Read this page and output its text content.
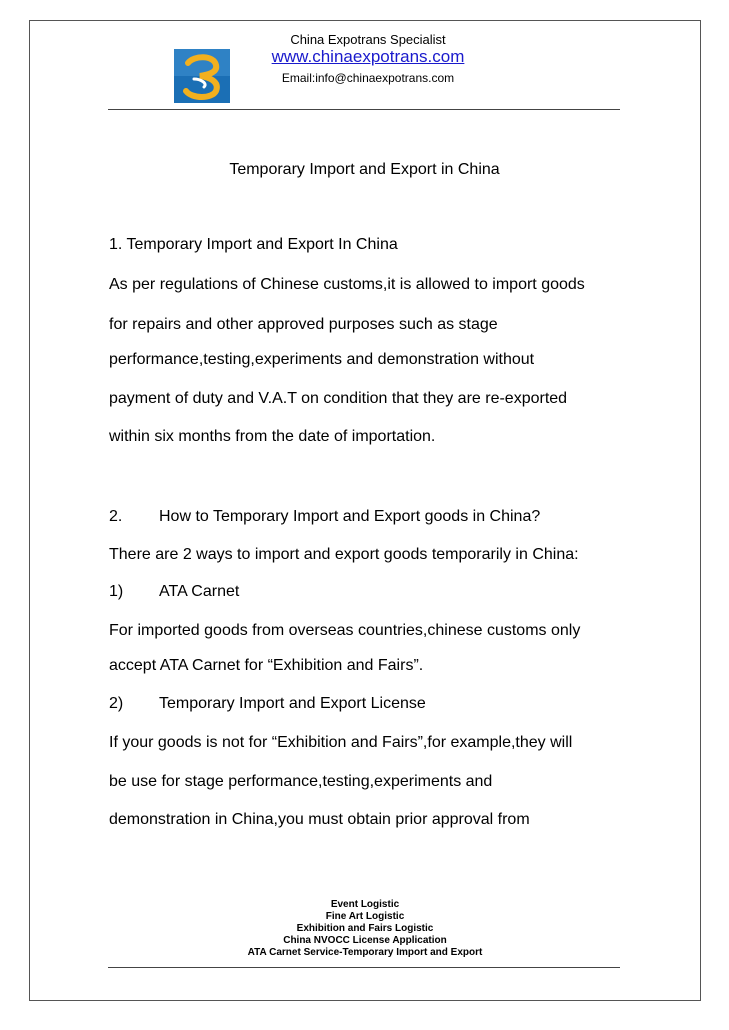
China Expotrans Specialist
www.chinaexpotrans.com
Email:info@chinaexpotrans.com
Temporary Import and Export in China
1. Temporary Import and Export In China
As per regulations of Chinese customs,it is allowed to import goods
for repairs and other approved purposes such as stage
performance,testing,experiments and demonstration without
payment of duty and V.A.T on condition that they are re-exported
within six months from the date of importation.
2. How to Temporary Import and Export goods in China?
There are 2 ways to import and export goods temporarily in China:
1) ATA Carnet
For imported goods from overseas countries,chinese customs only
accept ATA Carnet for “Exhibition and Fairs”.
2) Temporary Import and Export License
If your goods is not for “Exhibition and Fairs”,for example,they will
be use for stage performance,testing,experiments and
demonstration in China,you must obtain prior approval from
Event Logistic
Fine Art Logistic
Exhibition and Fairs Logistic
China NVOCC License Application
ATA Carnet Service-Temporary Import and Export
